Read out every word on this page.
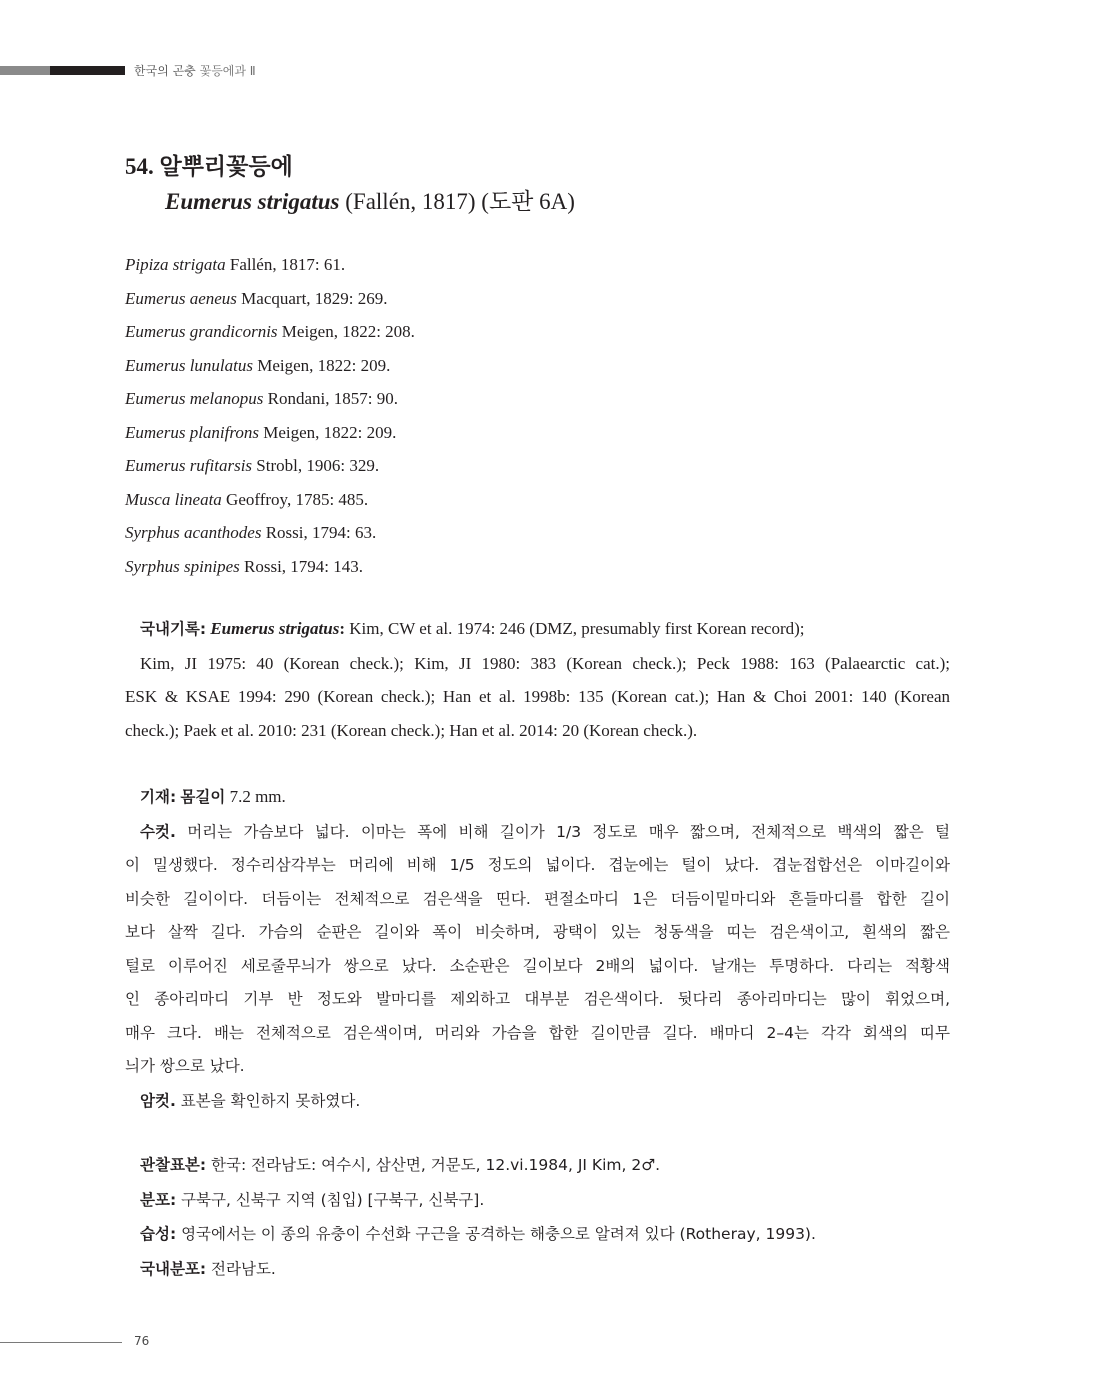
한국의 곤충 꽃등에과 Ⅱ
54. 알뿌리꽃등에
Eumerus strigatus (Fallén, 1817) (도판 6A)
Pipiza strigata Fallén, 1817: 61.
Eumerus aeneus Macquart, 1829: 269.
Eumerus grandicornis Meigen, 1822: 208.
Eumerus lunulatus Meigen, 1822: 209.
Eumerus melanopus Rondani, 1857: 90.
Eumerus planifrons Meigen, 1822: 209.
Eumerus rufitarsis Strobl, 1906: 329.
Musca lineata Geoffroy, 1785: 485.
Syrphus acanthodes Rossi, 1794: 63.
Syrphus spinipes Rossi, 1794: 143.
국내기록: Eumerus strigatus: Kim, CW et al. 1974: 246 (DMZ, presumably first Korean record);
Kim, JI 1975: 40 (Korean check.); Kim, JI 1980: 383 (Korean check.); Peck 1988: 163 (Palaearctic cat.);
ESK & KSAE 1994: 290 (Korean check.); Han et al. 1998b: 135 (Korean cat.); Han & Choi 2001: 140 (Korean
check.); Paek et al. 2010: 231 (Korean check.); Han et al. 2014: 20 (Korean check.).
기재: 몸길이 7.2 mm.
수컷. 머리는 가슴보다 넓다. 이마는 폭에 비해 길이가 1/3 정도로 매우 짧으며, 전체적으로 백색의 짧은 털
이 밀생했다. 정수리삼각부는 머리에 비해 1/5 정도의 넓이다. 겹눈에는 털이 났다. 겹눈접합선은 이마길이와
비슷한 길이이다. 더듬이는 전체적으로 검은색을 띤다. 편절소마디 1은 더듬이밑마디와 흔들마디를 합한 길이
보다 살짝 길다. 가슴의 순판은 길이와 폭이 비슷하며, 광택이 있는 청동색을 띠는 검은색이고, 흰색의 짧은
털로 이루어진 세로줄무늬가 쌍으로 났다. 소순판은 길이보다 2배의 넓이다. 날개는 투명하다. 다리는 적황색
인 종아리마디 기부 반 정도와 발마디를 제외하고 대부분 검은색이다. 뒷다리 종아리마디는 많이 휘었으며,
매우 크다. 배는 전체적으로 검은색이며, 머리와 가슴을 합한 길이만큼 길다. 배마디 2–4는 각각 회색의 띠무
늬가 쌍으로 났다.
암컷. 표본을 확인하지 못하였다.
관찰표본: 한국: 전라남도: 여수시, 삼산면, 거문도, 12.vi.1984, JI Kim, 2♂.
분포: 구북구, 신북구 지역 (침입) [구북구, 신북구].
습성: 영국에서는 이 종의 유충이 수선화 구근을 공격하는 해충으로 알려져 있다 (Rotheray, 1993).
국내분포: 전라남도.
76
